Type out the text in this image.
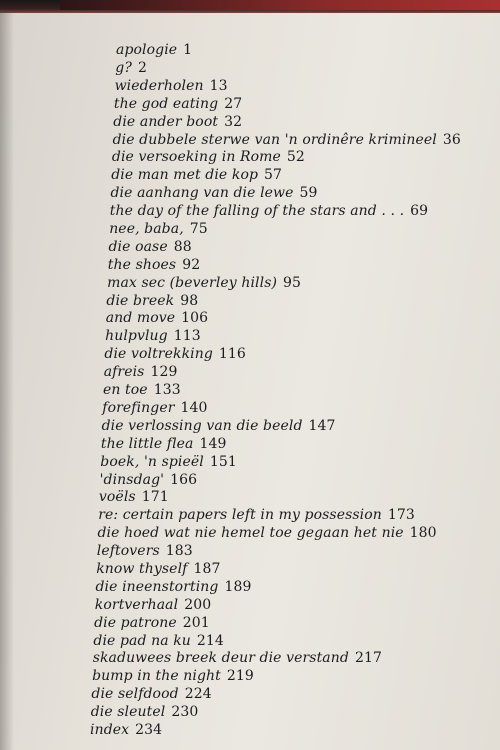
apologie 1
g? 2
wiederholen 13
the god eating 27
die ander boot 32
die dubbele sterwe van 'n ordinêre krimineel 36
die versoeking in Rome 52
die man met die kop 57
die aanhang van die lewe 59
the day of the falling of the stars and . . . 69
nee, baba, 75
die oase 88
the shoes 92
max sec (beverley hills) 95
die breek 98
and move 106
hulpvlug 113
die voltrekking 116
afreis 129
en toe 133
forefinger 140
die verlossing van die beeld 147
the little flea 149
boek, 'n spieël 151
'dinsdag' 166
voëls 171
re: certain papers left in my possession 173
die hoed wat nie hemel toe gegaan het nie 180
leftovers 183
know thyself 187
die ineenstorting 189
kortverhaal 200
die patrone 201
die pad na ku 214
skaduwees breek deur die verstand 217
bump in the night 219
die selfdood 224
die sleutel 230
index 234
